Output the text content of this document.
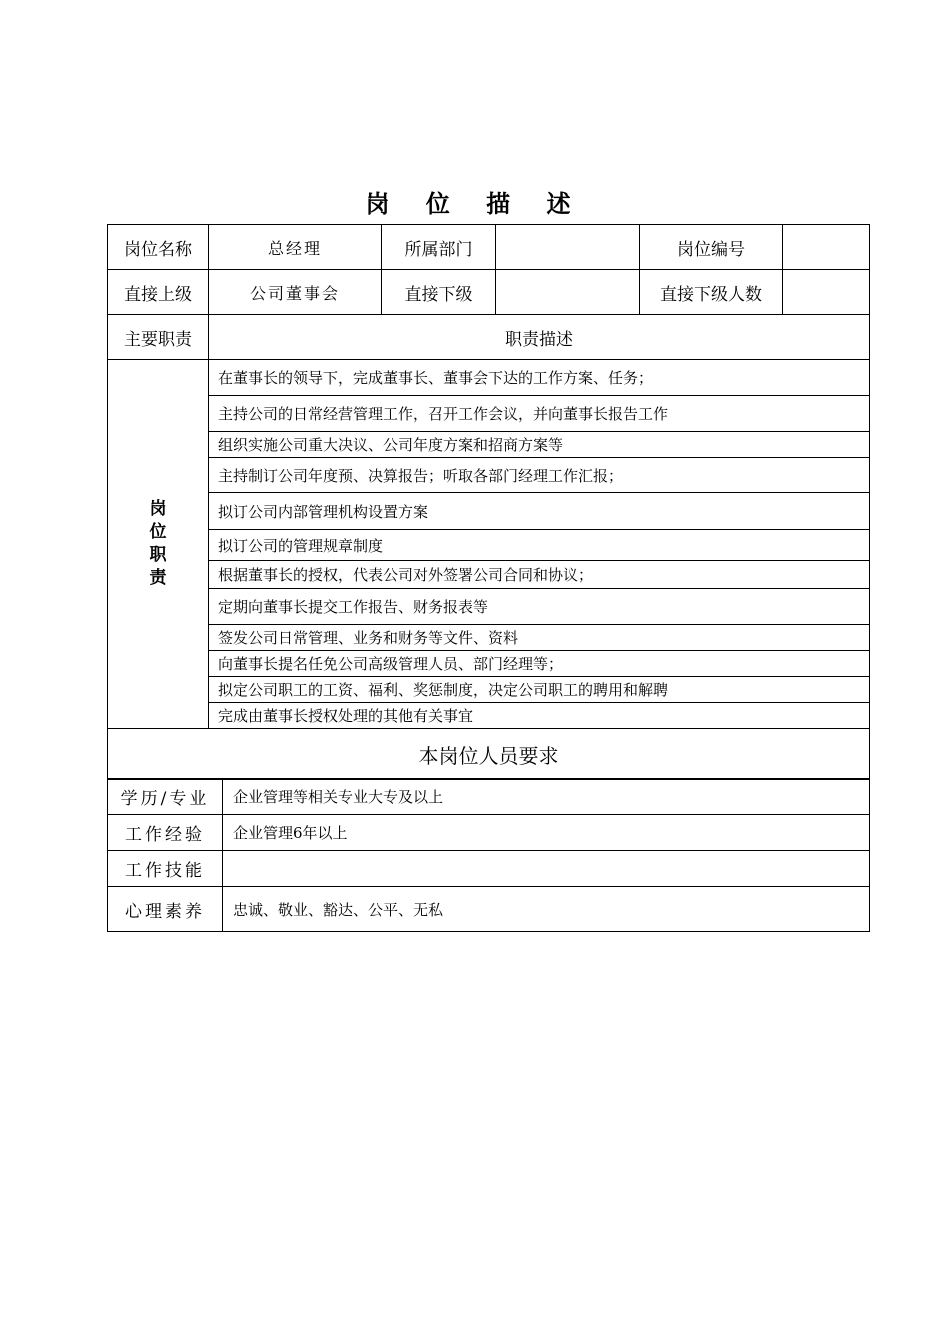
岗 位 描 述
岗位名称	总经理	所属部门		岗位编号	
直接上级	公司董事会	直接下级		直接下级人数	
主要职责	职责描述				

岗
位
职
责	在董事长的领导下，完成董事长、董事会下达的工作方案、任务；				
	主持公司的日常经营管理工作，召开工作会议，并向董事长报告工作				
	组织实施公司重大决议、公司年度方案和招商方案等				
	主持制订公司年度预、决算报告；听取各部门经理工作汇报；				
	拟订公司内部管理机构设置方案				
	拟订公司的管理规章制度				
	根据董事长的授权，代表公司对外签署公司合同和协议；				
	定期向董事长提交工作报告、财务报表等				
	签发公司日常管理、业务和财务等文件、资料				
	向董事长提名任免公司高级管理人员、部门经理等；				
	拟定公司职工的工资、福利、奖惩制度，决定公司职工的聘用和解聘				
	完成由董事长授权处理的其他有关事宜				
本岗位人员要求					
学历/专业	企业管理等相关专业大专及以上
工作经验	企业管理6年以上
工作技能	
心理素养	忠诚、敬业、豁达、公平、无私
